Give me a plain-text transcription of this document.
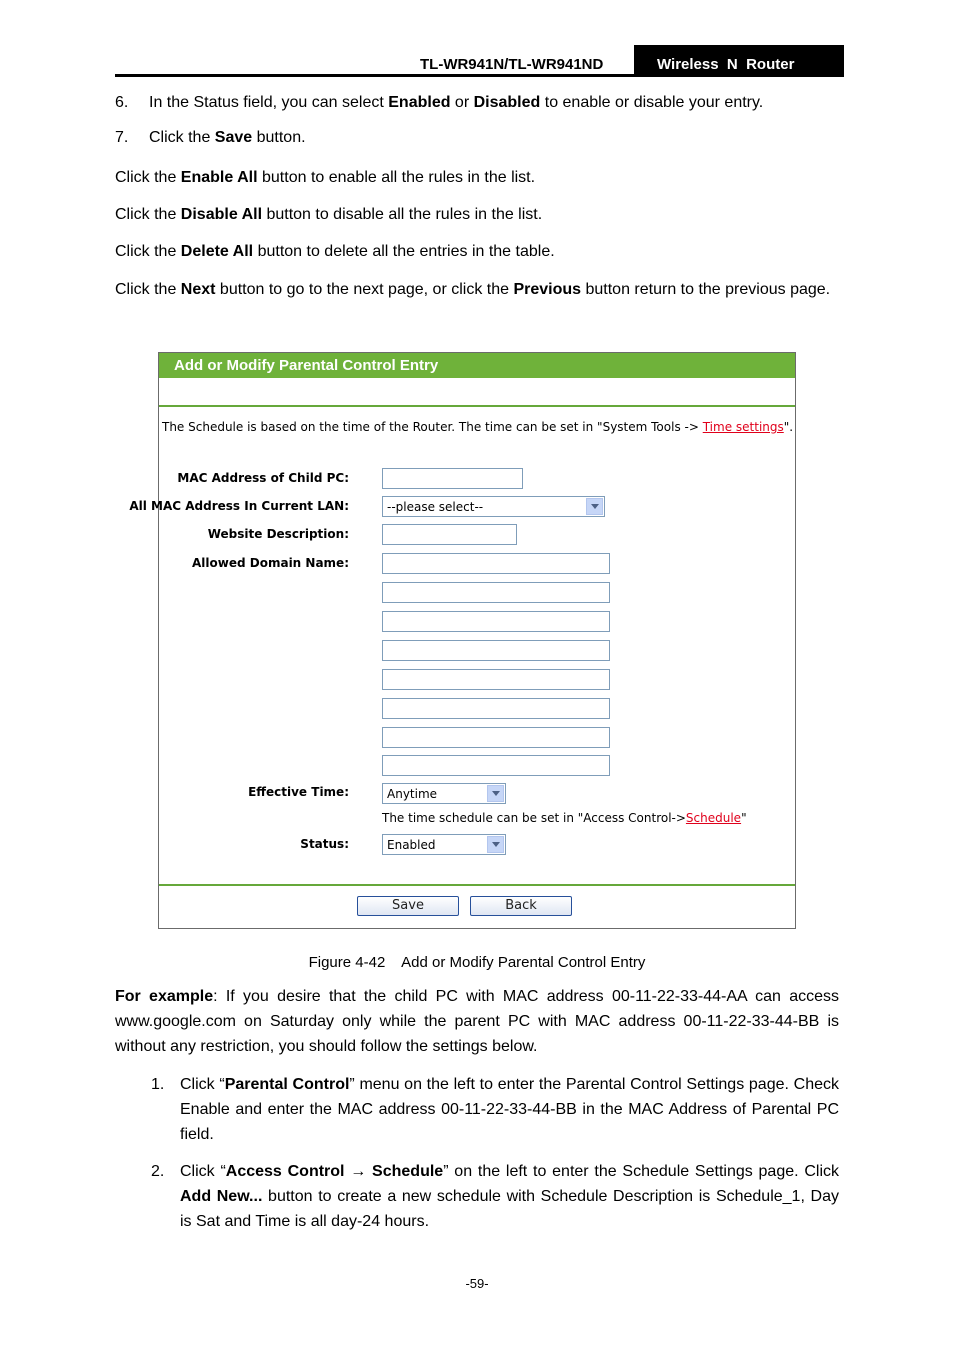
TL-WR941N/TL-WR941ND	Wireless  N  Router
6. In the Status field, you can select Enabled or Disabled to enable or disable your entry.
7. Click the Save button.
Click the Enable All button to enable all the rules in the list.
Click the Disable All button to disable all the rules in the list.
Click the Delete All button to delete all the entries in the table.
Click the Next button to go to the next page, or click the Previous button return to the previous page.
Add or Modify Parental Control Entry
The Schedule is based on the time of the Router. The time can be set in "System Tools -> Time settings".
MAC Address of Child PC:
All MAC Address In Current LAN:	--please select--
Website Description:
Allowed Domain Name:
Effective Time:	Anytime
The time schedule can be set in "Access Control->Schedule"
Status:	Enabled
Save	Back
Figure 4-42    Add or Modify Parental Control Entry
For example: If you desire that the child PC with MAC address 00-11-22-33-44-AA can access www.google.com on Saturday only while the parent PC with MAC address 00-11-22-33-44-BB is without any restriction, you should follow the settings below.
1. Click “Parental Control” menu on the left to enter the Parental Control Settings page. Check Enable and enter the MAC address 00-11-22-33-44-BB in the MAC Address of Parental PC field.
2. Click “Access Control → Schedule” on the left to enter the Schedule Settings page. Click Add New... button to create a new schedule with Schedule Description is Schedule_1, Day is Sat and Time is all day-24 hours.
-59-
